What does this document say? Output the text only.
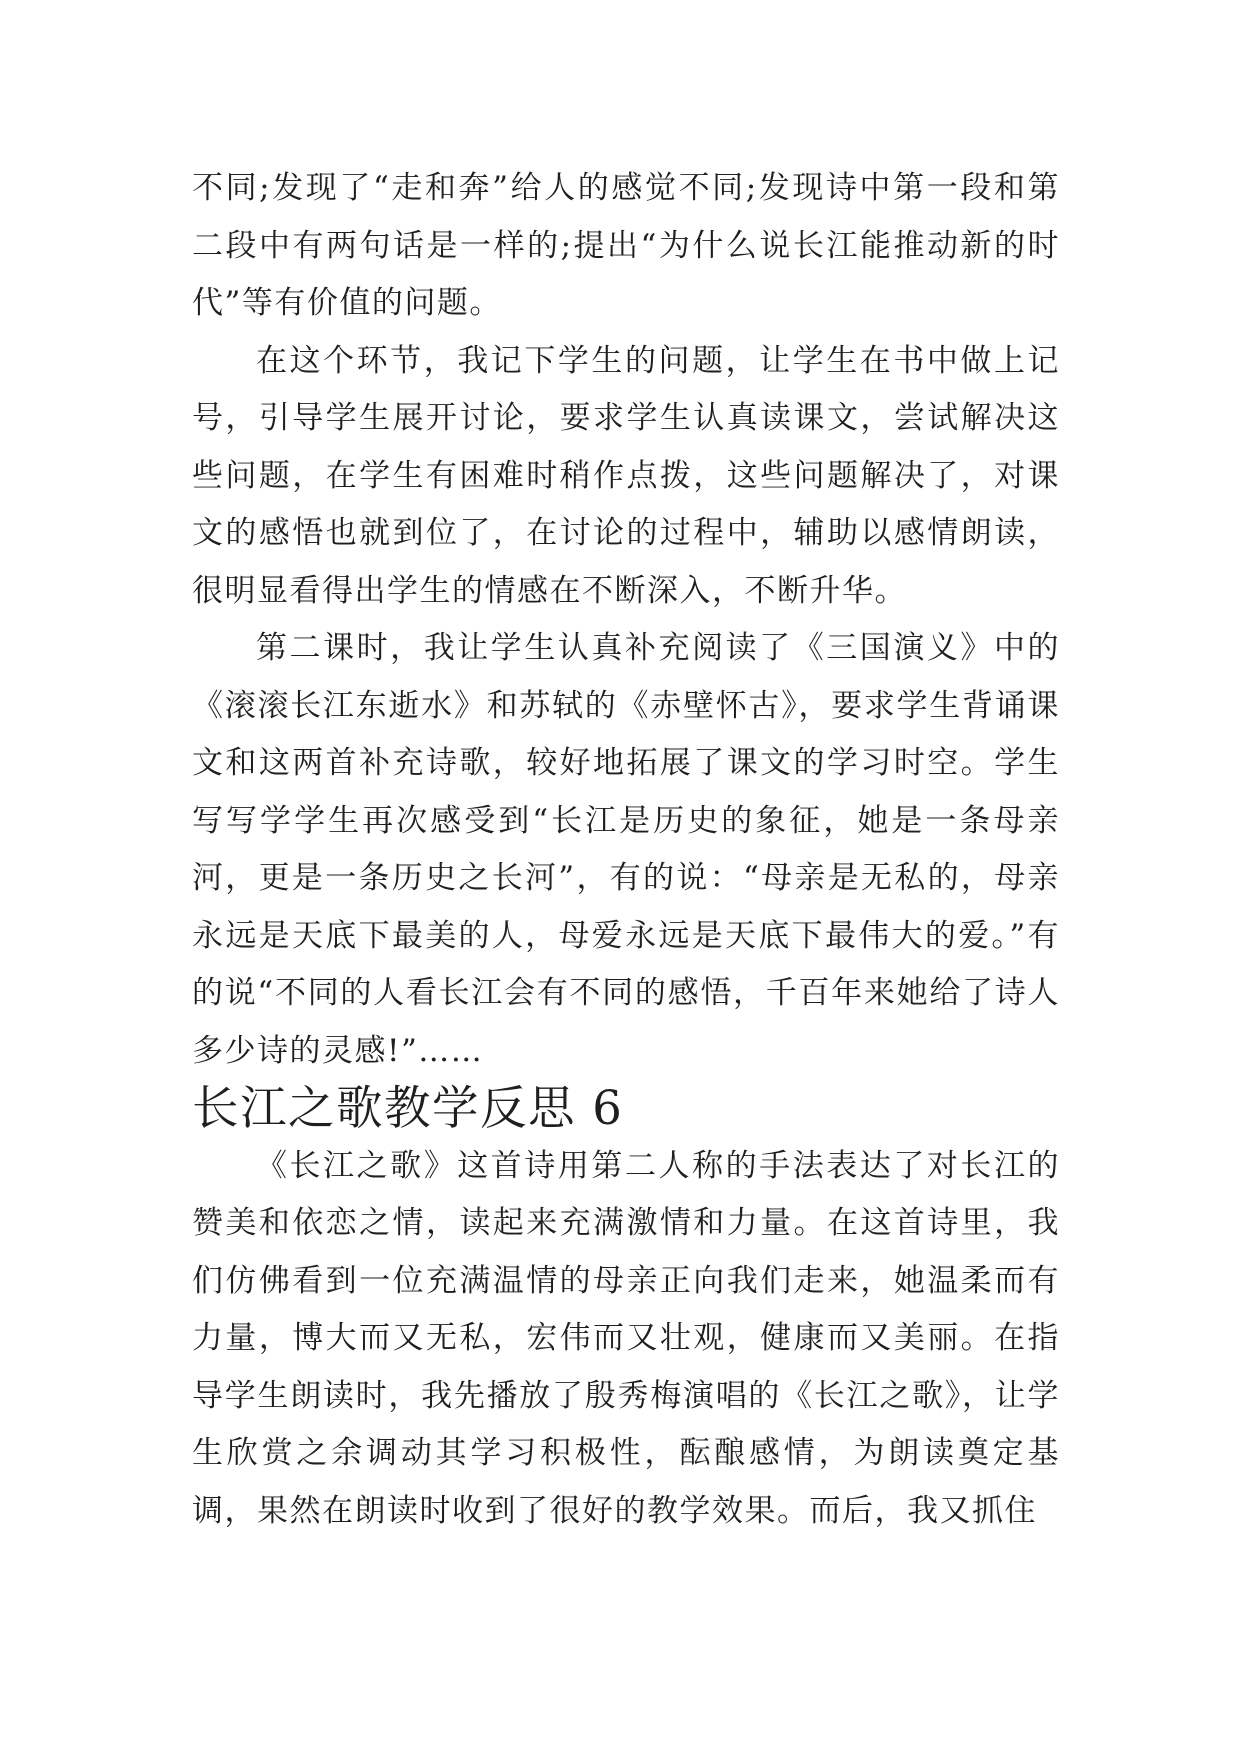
不同;发现了“走和奔”给人的感觉不同;发现诗中第一段和第二段中有两句话是一样的;提出“为什么说长江能推动新的时代”等有价值的问题。

在这个环节，我记下学生的问题，让学生在书中做上记号，引导学生展开讨论，要求学生认真读课文，尝试解决这些问题，在学生有困难时稍作点拨，这些问题解决了，对课文的感悟也就到位了，在讨论的过程中，辅助以感情朗读，很明显看得出学生的情感在不断深入，不断升华。

第二课时，我让学生认真补充阅读了《三国演义》中的《滚滚长江东逝水》和苏轼的《赤壁怀古》，要求学生背诵课文和这两首补充诗歌，较好地拓展了课文的学习时空。学生写写学学生再次感受到“长江是历史的象征，她是一条母亲河，更是一条历史之长河”，有的说：“母亲是无私的，母亲永远是天底下最美的人，母爱永远是天底下最伟大的爱。”有的说“不同的人看长江会有不同的感悟，千百年来她给了诗人多少诗的灵感!”……

长江之歌教学反思 6

《长江之歌》这首诗用第二人称的手法表达了对长江的赞美和依恋之情，读起来充满激情和力量。在这首诗里，我们仿佛看到一位充满温情的母亲正向我们走来，她温柔而有力量，博大而又无私，宏伟而又壮观，健康而又美丽。在指导学生朗读时，我先播放了殷秀梅演唱的《长江之歌》，让学生欣赏之余调动其学习积极性，酝酿感情，为朗读奠定基调，果然在朗读时收到了很好的教学效果。而后，我又抓住
